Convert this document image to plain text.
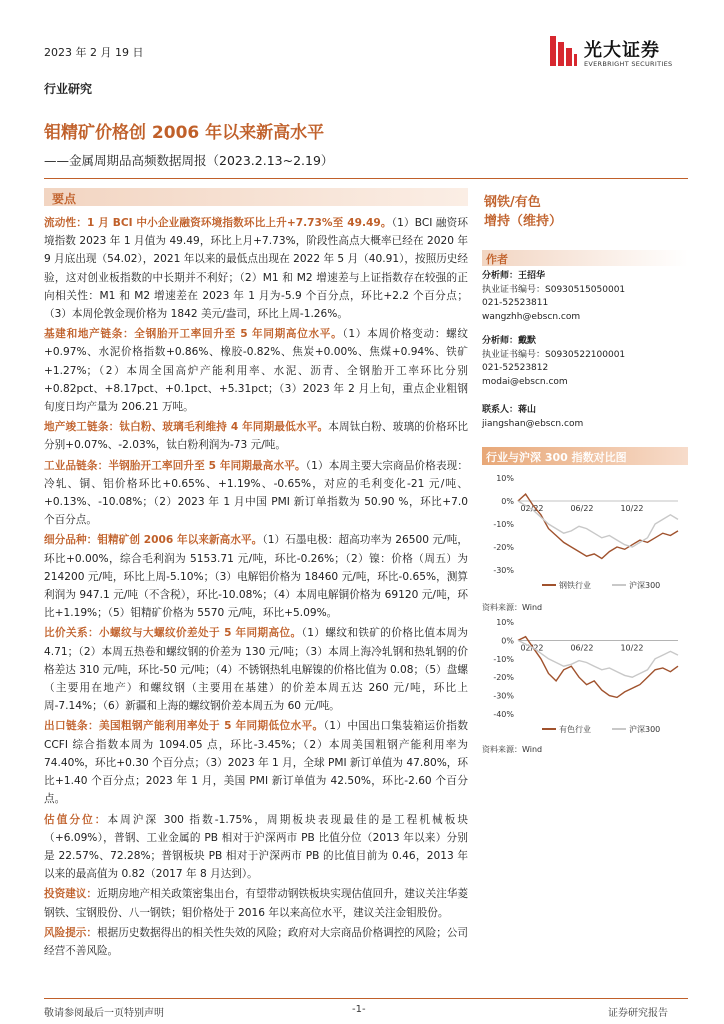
2023 年 2 月 19 日	光大证券
EVERBRIGHT SECURITIES
行业研究
钼精矿价格创 2006 年以来新高水平
——金属周期品高频数据周报（2023.2.13~2.19）
要点

流动性：1 月 BCI 中小企业融资环境指数环比上升+7.73%至 49.49。（1）BCI 融资环境指数 2023 年 1 月值为 49.49，环比上月+7.73%，阶段性高点大概率已经在 2020 年 9 月底出现（54.02），2021 年以来的最低点出现在 2022 年 5 月（40.91），按照历史经验，这对创业板指数的中长期并不利好；（2）M1 和 M2 增速差与上证指数存在较强的正向相关性：M1 和 M2 增速差在 2023 年 1 月为-5.9 个百分点，环比+2.2 个百分点；（3）本周伦敦金现价格为 1842 美元/盎司，环比上周-1.26%。

基建和地产链条：全钢胎开工率回升至 5 年同期高位水平。（1）本周价格变动：螺纹 +0.97%、水泥价格指数+0.86%、橡胶-0.82%、焦炭+0.00%、焦煤+0.94%、铁矿+1.27%；（2）本周全国高炉产能利用率、水泥、沥青、全钢胎开工率环比分别+0.82pct、+8.17pct、+0.1pct、+5.31pct；（3）2023 年 2 月上旬，重点企业粗钢旬度日均产量为 206.21 万吨。

地产竣工链条：钛白粉、玻璃毛利维持 4 年同期最低水平。本周钛白粉、玻璃的价格环比分别+0.07%、-2.03%，钛白粉利润为-73 元/吨。

工业品链条：半钢胎开工率回升至 5 年同期最高水平。（1）本周主要大宗商品价格表现：冷轧、铜、铝价格环比+0.65%、+1.19%、-0.65%，对应的毛利变化-21 元/吨、+0.13%、-10.08%；（2）2023 年 1 月中国 PMI 新订单指数为 50.90 %，环比+7.0 个百分点。

细分品种：钼精矿创 2006 年以来新高水平。（1）石墨电极：超高功率为 26500 元/吨，环比+0.00%，综合毛利润为 5153.71 元/吨，环比-0.26%；（2）镍：价格（周五）为 214200 元/吨，环比上周-5.10%；（3）电解铝价格为 18460 元/吨，环比-0.65%，测算利润为 947.1 元/吨（不含税），环比-10.08%；（4）本周电解铜价格为 69120 元/吨，环比+1.19%；（5）钼精矿价格为 5570 元/吨，环比+5.09%。

比价关系：小螺纹与大螺纹价差处于 5 年同期高位。（1）螺纹和铁矿的价格比值本周为 4.71；（2）本周五热卷和螺纹钢的价差为 130 元/吨；（3）本周上海冷轧钢和热轧钢的价格差达 310 元/吨，环比-50 元/吨；（4）不锈钢热轧电解镍的价格比值为 0.08；（5）盘螺（主要用在地产）和螺纹钢（主要用在基建）的价差本周五达 260 元/吨，环比上周-7.14%；（6）新疆和上海的螺纹钢价差本周五为 60 元/吨。

出口链条：美国粗钢产能利用率处于 5 年同期低位水平。（1）中国出口集装箱运价指数 CCFI 综合指数本周为 1094.05 点，环比-3.45%；（2）本周美国粗钢产能利用率为 74.40%，环比+0.30 个百分点；（3）2023 年 1 月，全球 PMI 新订单值为 47.80%，环比+1.40 个百分点；2023 年 1 月，美国 PMI 新订单值为 42.50%，环比-2.60 个百分点。

估值分位：本周沪深 300 指数-1.75%，周期板块表现最佳的是工程机械板块（+6.09%），普钢、工业金属的 PB 相对于沪深两市 PB 比值分位（2013 年以来）分别是 22.57%、72.28%；普钢板块 PB 相对于沪深两市 PB 的比值目前为 0.46，2013 年以来的最高值为 0.82（2017 年 8 月达到）。

投资建议：近期房地产相关政策密集出台，有望带动钢铁板块实现估值回升，建议关注华菱钢铁、宝钢股份、八一钢铁；钼价格处于 2016 年以来高位水平，建议关注金钼股份。

风险提示：根据历史数据得出的相关性失效的风险；政府对大宗商品价格调控的风险；公司经营不善风险。

钢铁/有色
增持（维持）
作者
分析师：王招华
执业证书编号：S0930515050001
021-52523811
wangzhh@ebscn.com
分析师：戴默
执业证书编号：S0930522100001
021-52523812
modai@ebscn.com
联系人：蒋山
jiangshan@ebscn.com
行业与沪深 300 指数对比图
10%
0%
-10%
-20%
-30%
02/22	06/22	10/22
钢铁行业	沪深300
资料来源：Wind
10%
0%
-10%
-20%
-30%
-40%
02/22	06/22	10/22
有色行业	沪深300
资料来源：Wind
敬请参阅最后一页特别声明	-1-	证券研究报告
